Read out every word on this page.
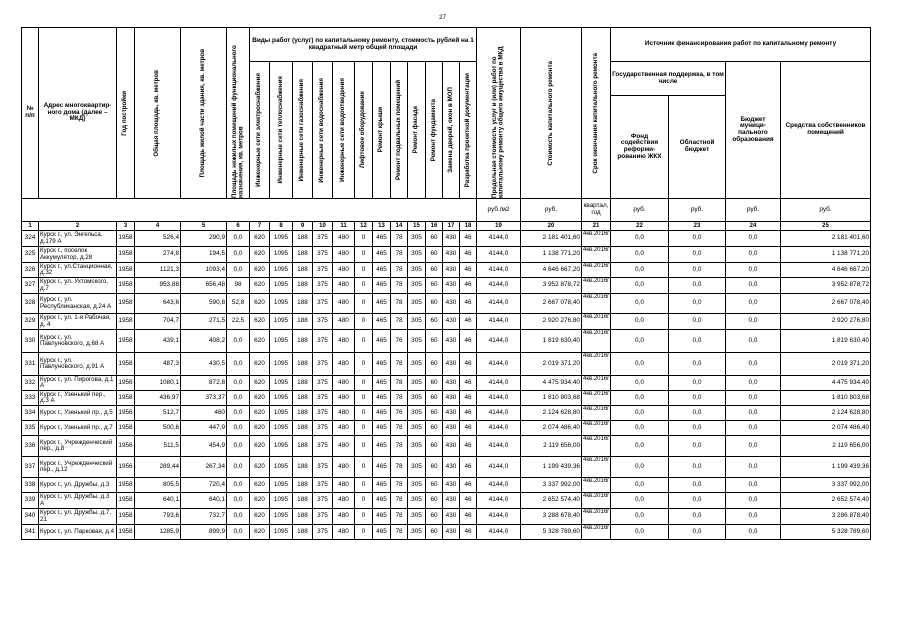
27
№ п/п	Адрес многоквартир-ного дома (далее – МКД)	Год постройки	Общая площадь, кв. метров	Площадь жилой части здания, кв. метров	Площадь нежилых помещений функционального назначения, кв. метров	Виды работ (услуг) по капитальному ремонту, стоимость рублей на 1 квадратный метр общей площади												Предельная стоимость услуг и (или) работ по капитальному ремонту общего имущества в МКД	Стоимость капитального ремонта	Срок окончания капитального ремонта	Источник финансирования работ по капитальному ремонту			

						Инженерные сети электроснабжения	Инженерные сети теплоснабжения	Инженерные сети газоснабжения	Инженерные сети водоснабжения	Инженерные сети водоотведения	Лифтовое оборудование	Ремонт крыши	Ремонт подвальных помещений	Ремонт фасада	Ремонт фундамента	Замена дверей, окон в МОП	Разработка проектной документации				Государственная поддержка, в том числе		Бюджет муници-пального образования	Средства собственников помещений
																					Фонд содействия реформи-рованию ЖКХ	Областной бюджет		
																		руб./м2	руб.	квартал, год	руб.	руб.	руб.	руб.
1	2	3	4	5	6	7	8	9	10	11	12	13	14	15	16	17	18	19	20	21	22	23	24	25
324	Курск г., ул. Энгельса, д.179 А	1958	526,4	290,9	0,0	620	1095	188	375	480	0	465	78	305	60	430	46	4144,0	2 181 401,60	4кв.2016г	0,0	0,0	0,0	2 181 401,60
325	Курск г., поселок Аккумулятор, д.28	1958	274,8	194,5	0,0	620	1095	188	375	480	0	465	78	305	60	430	46	4144,0	1 138 771,20	4кв.2016г	0,0	0,0	0,0	1 138 771,20
326	Курск г., ул.Станционная, д.32	1958	1121,3	1093,4	0,0	620	1095	188	375	480	0	465	78	305	60	430	46	4144,0	4 646 667,20	4кв.2016г	0,0	0,0	0,0	4 646 667,20
327	Курск г., ул. Ухтомского, д.7	1958	953,88	656,48	98	620	1095	188	375	480	0	465	78	305	60	430	46	4144,0	3 952 878,72	4кв.2016г	0,0	0,0	0,0	3 952 878,72
328	Курск г., ул. Республиканская, д.24 А	1958	643,6	590,8	52,8	620	1095	188	375	480	0	465	78	305	60	430	46	4144,0	2 667 078,40	4кв.2016г	0,0	0,0	0,0	2 667 078,40
329	Курск г., ул. 1-я Рабочая, д. 4	1958	704,7	271,5	22,5	620	1095	188	375	480	0	465	78	305	60	430	46	4144,0	2 920 276,80	4кв.2016г	0,0	0,0	0,0	2 920 276,80
330	Курск г., ул. Павлуновского, д.68 А	1958	439,1	408,2	0,0	620	1095	188	375	480	0	465	76	305	60	430	46	4144,0	1 819 630,40	4кв.2016г	0,0	0,0	0,0	1 819 630,40
331	Курск г., ул. Павлуновского, д.91 А	1958	487,3	430,5	0,0	620	1095	188	375	480	0	465	78	305	60	430	46	4144,0	2 019 371,20	4кв.2016г	0,0	0,0	0,0	2 019 371,20
332	Курск г., ул. Пирогова, д.1 А	1956	1080,1	872,8	0,0	620	1095	188	375	480	0	465	78	305	60	430	46	4144,0	4 475 934,40	4кв.2016г	0,0	0,0	0,0	4 475 934,40
333	Курск г., Узенький пер., д.3 А	1958	436,97	373,37	0,0	620	1095	188	375	480	0	465	78	305	60	430	46	4144,0	1 810 803,68	4кв.2016г	0,0	0,0	0,0	1 810 803,68
334	Курск г., Узенький пр., д.5	1956	512,7	460	0,0	620	1095	188	375	480	0	465	76	305	60	430	46	4144,0	2 124 628,80	4кв.2016г	0,0	0,0	0,0	2 124 628,80
335	Курск г., Узенький пр., д.7	1958	500,6	447,9	0,0	620	1095	188	375	480	0	465	78	305	60	430	46	4144,0	2 074 486,40	4кв.2016г	0,0	0,0	0,0	2 074 486,40
336	Курск г., Учрежденческий пер., д.8	1956	511,5	454,9	0,0	620	1095	188	375	480	0	465	78	305	60	430	46	4144,0	2 119 656,00	4кв.2016г	0,0	0,0	0,0	2 119 656,00
337	Курск г., Учрежденческий пер., д.12	1956	289,44	267,34	0,0	620	1095	188	375	480	0	465	78	305	60	430	46	4144,0	1 199 439,36	4кв.2016г	0,0	0,0	0,0	1 199 439,36
338	Курск г., ул. Дружбы, д.3	1958	805,5	720,4	0,0	620	1095	188	375	480	0	465	78	305	60	430	46	4144,0	3 337 992,00	4кв.2016г	0,0	0,0	0,0	3 337 992,00
339	Курск г., ул. Дружбы, д.3 А	1958	640,1	640,1	0,0	620	1095	188	375	480	0	465	78	305	60	430	46	4144,0	2 652 574,40	4кв.2016г	0,0	0,0	0,0	2 652 574,40
340	Курск г., ул. Дружбы, д.7, 21	1958	793,6	732,7	0,0	620	1095	188	375	480	0	465	78	305	60	430	46	4144,0	3 288 678,40	4кв.2016г	0,0	0,0	0,0	3 286 878,40
341	Курск г., ул. Парковая, д.4	1958	1285,9	899,9	0,0	620	1095	188	375	480	0	465	78	305	60	430	46	4144,0	5 328 789,60	4кв.2016г	0,0	0,0	0,0	5 328 789,60
